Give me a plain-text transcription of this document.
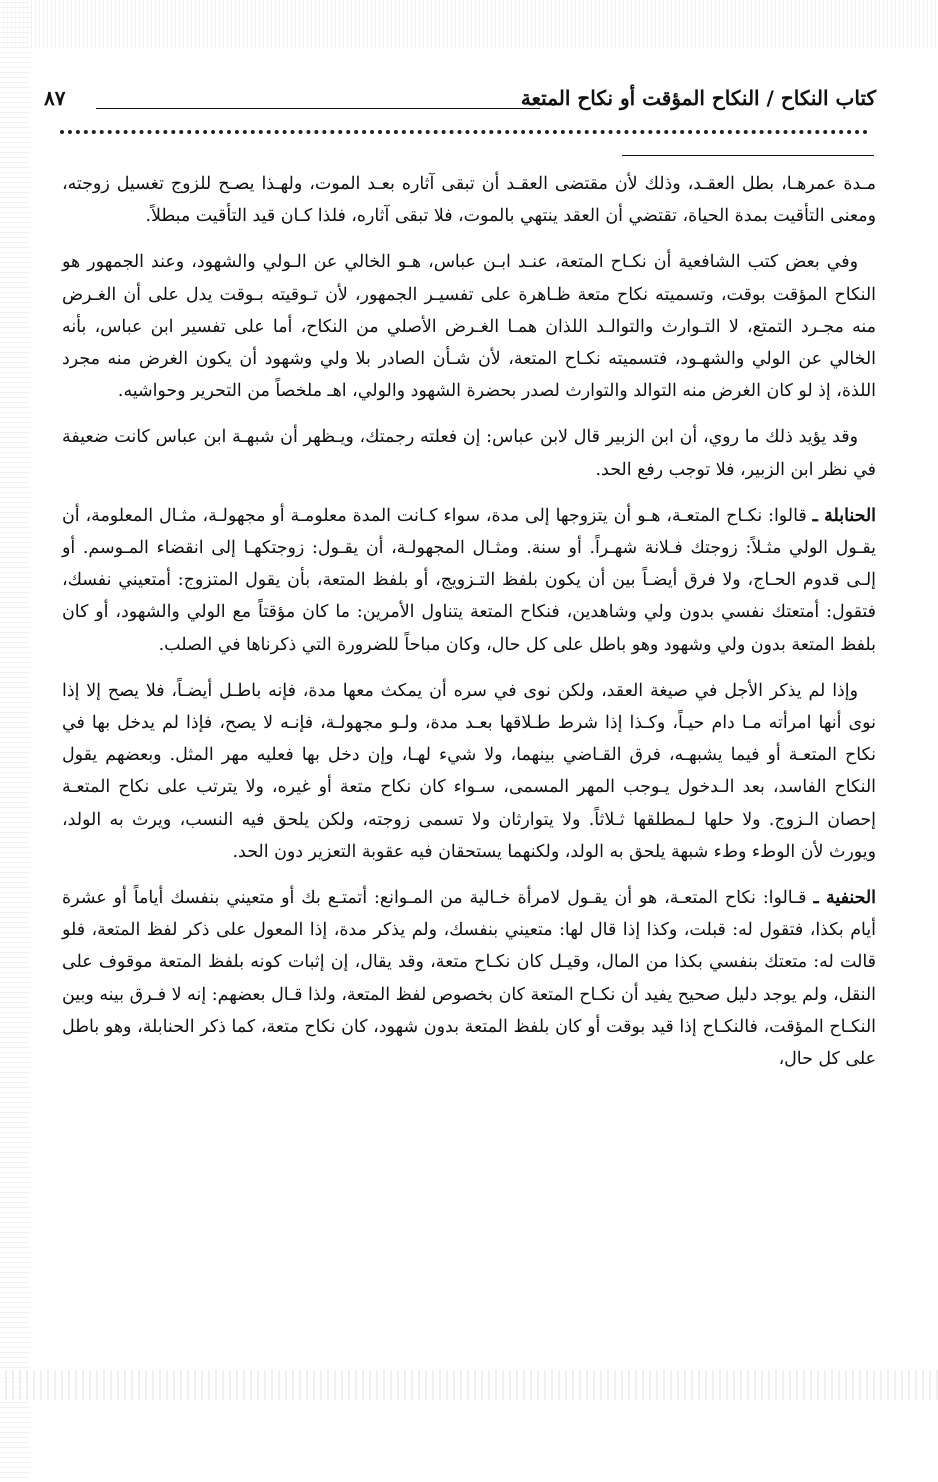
كتاب النكاح / النكاح المؤقت أو نكاح المتعة
٨٧

مـدة عمرهـا، بطل العقـد، وذلك لأن مقتضى العقـد أن تبقى آثاره بعـد الموت، ولهـذا يصـح للزوج تغسيل زوجته، ومعنى التأقيت بمدة الحياة، تقتضي أن العقد ينتهي بالموت، فلا تبقى آثاره، فلذا كـان قيد التأقيت مبطلاً.

وفي بعض كتب الشافعية أن نكـاح المتعة، عنـد ابـن عباس، هـو الخالي عن الـولي والشهود، وعند الجمهور هو النكاح المؤقت بوقت، وتسميته نكاح متعة ظـاهرة على تفسيـر الجمهور، لأن تـوقيته بـوقت يدل على أن الغـرض منه مجـرد التمتع، لا التـوارث والتوالـد اللذان همـا الغـرض الأصلي من النكاح، أما على تفسير ابن عباس، بأنه الخالي عن الولي والشهـود، فتسميته نكـاح المتعة، لأن شـأن الصادر بلا ولي وشهود أن يكون الغرض منه مجرد اللذة، إذ لو كان الغرض منه التوالد والتوارث لصدر بحضرة الشهود والولي، اهـ ملخصاً من التحرير وحواشيه.

وقد يؤيد ذلك ما روي، أن ابن الزبير قال لابن عباس: إن فعلته رجمتك، ويـظهر أن شبهـة ابن عباس كانت ضعيفة في نظر ابن الزبير، فلا توجب رفع الحد.

الحنابلة ـ قالوا: نكـاح المتعـة، هـو أن يتزوجها إلى مدة، سواء كـانت المدة معلومـة أو مجهولـة، مثـال المعلومة، أن يقـول الولي مثـلاً: زوجتك فـلانة شهـراً. أو سنة. ومثـال المجهولـة، أن يقـول: زوجتكهـا إلى انقضاء المـوسم. أو إلـى قدوم الحـاج، ولا فرق أيضـاً بين أن يكون بلفظ التـزويج، أو بلفظ المتعة، بأن يقول المتزوج: أمتعيني نفسك، فتقول: أمتعتك نفسي بدون ولي وشاهدين، فنكاح المتعة يتناول الأمرين: ما كان مؤقتاً مع الولي والشهود، أو كان بلفظ المتعة بدون ولي وشهود وهو باطل على كل حال، وكان مباحاً للضرورة التي ذكرناها في الصلب.

وإذا لم يذكر الأجل في صيغة العقد، ولكن نوى في سره أن يمكث معها مدة، فإنه باطـل أيضـاً، فلا يصح إلا إذا نوى أنها امرأته مـا دام حيـاً، وكـذا إذا شرط طـلاقها بعـد مدة، ولـو مجهولـة، فإنـه لا يصح، فإذا لم يدخل بها في نكاح المتعـة أو فيما يشبهـه، فرق القـاضي بينهما، ولا شيء لهـا، وإن دخل بها فعليه مهر المثل. وبعضهم يقول النكاح الفاسد، بعد الـدخول يـوجب المهر المسمى، سـواء كان نكاح متعة أو غيره، ولا يترتب على نكاح المتعـة إحصان الـزوج. ولا حلها لـمطلقها ثـلاثاً. ولا يتوارثان ولا تسمى زوجته، ولكن يلحق فيه النسب، ويرث به الولد، ويورث لأن الوطء وطء شبهة يلحق به الولد، ولكنهما يستحقان فيه عقوبة التعزير دون الحد.

الحنفية ـ قـالوا: نكاح المتعـة، هو أن يقـول لامرأة خـالية من المـوانع: أتمتـع بك أو متعيني بنفسك أياماً أو عشرة أيام بكذا، فتقول له: قبلت، وكذا إذا قال لها: متعيني بنفسك، ولم يذكر مدة، إذا المعول على ذكر لفظ المتعة، فلو قالت له: متعتك بنفسي بكذا من المال، وقيـل كان نكـاح متعة، وقد يقال، إن إثبات كونه بلفظ المتعة موقوف على النقل، ولم يوجد دليل صحيح يفيد أن نكـاح المتعة كان بخصوص لفظ المتعة، ولذا قـال بعضهم: إنه لا فـرق بينه وبين النكـاح المؤقت، فالنكـاح إذا قيد بوقت أو كان بلفظ المتعة بدون شهود، كان نكاح متعة، كما ذكر الحنابلة، وهو باطل على كل حال،
